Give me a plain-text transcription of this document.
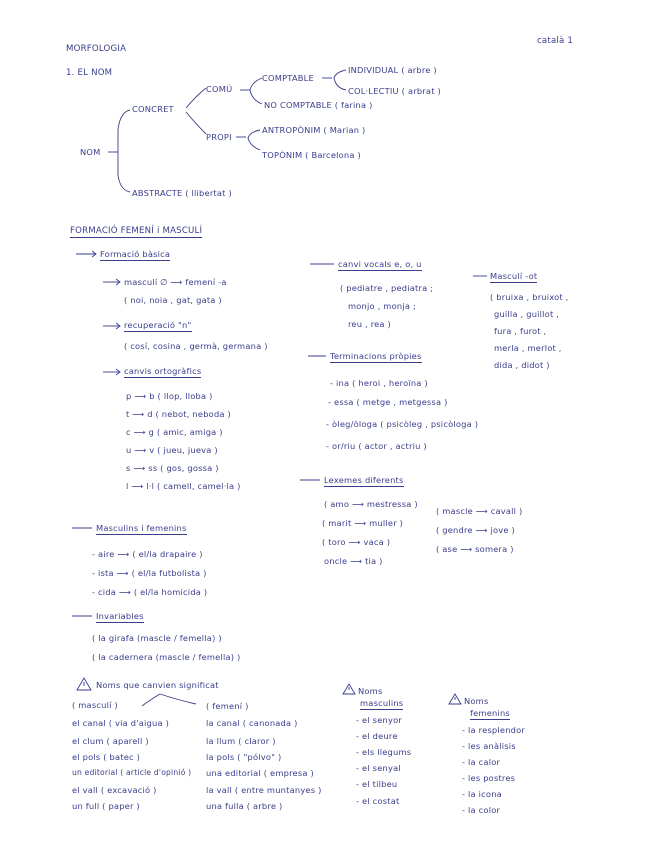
català 1
MORFOLOGIA
1. EL NOM
NOM
CONCRET
COMÚ
COMPTABLE
INDIVIDUAL ( arbre )
COL·LECTIU ( arbrat )
NO COMPTABLE ( farina )
PROPI
ANTROPÒNIM ( Marian )
TOPÒNIM ( Barcelona )
ABSTRACTE ( llibertat )
FORMACIÓ FEMENÍ i MASCULÍ
Formació bàsica
masculí ∅ ⟶ femení -a
( noi, noia , gat, gata )
recuperació "n"
( cosí, cosina , germà, germana )
canvis ortogràfics
p ⟶ b ( llop, lloba )
t ⟶ d ( nebot, neboda )
c ⟶ g ( amic, amiga )
u ⟶ v ( jueu, jueva )
s ⟶ ss ( gos, gossa )
l ⟶ l·l ( camell, camel·la )
canvi vocals e, o, u
( pediatre , pediatra ;
monjo , monja ;
reu , rea )
Masculí -ot
( bruixa , bruixot ,
guilla , guillot ,
fura , furot ,
merla , merlot ,
dida , didot )
Terminacions pròpies
- ina ( heroi , heroïna )
- essa ( metge , metgessa )
- òleg/òloga ( psicòleg , psicòloga )
- or/riu ( actor , actriu )
Lexemes diferents
( amo ⟶ mestressa )
( marit ⟶ muller )
( toro ⟶ vaca )
oncle ⟶ tia )
( mascle ⟶ cavall )
( gendre ⟶ jove )
( ase ⟶ somera )
Masculins i femenins
- aire ⟶ ( el/la drapaire )
- ista ⟶ ( el/la futbolista )
- cida ⟶ ( el/la homicida )
Invariables
( la girafa (mascle / femella) )
( la cadernera (mascle / femella) )
Noms que canvien significat
( masculí )	( femení )
el canal ( via d'aigua )	la canal ( canonada )
el clum ( aparell )	la llum ( claror )
el pols ( batec )	la pols ( "pólvo" )
un editorial ( article d'opinió ) una editorial ( empresa )
el vall ( excavació )	la vall ( entre muntanyes )
un full ( paper )	una fulla ( arbre )
Noms
masculins
- el senyor
- el deure
- els llegums
- el senyal
- el tilbeu
- el costat
Noms
femenins
- la resplendor
- les anàlisis
- la calor
- les postres
- la icona
- la color
